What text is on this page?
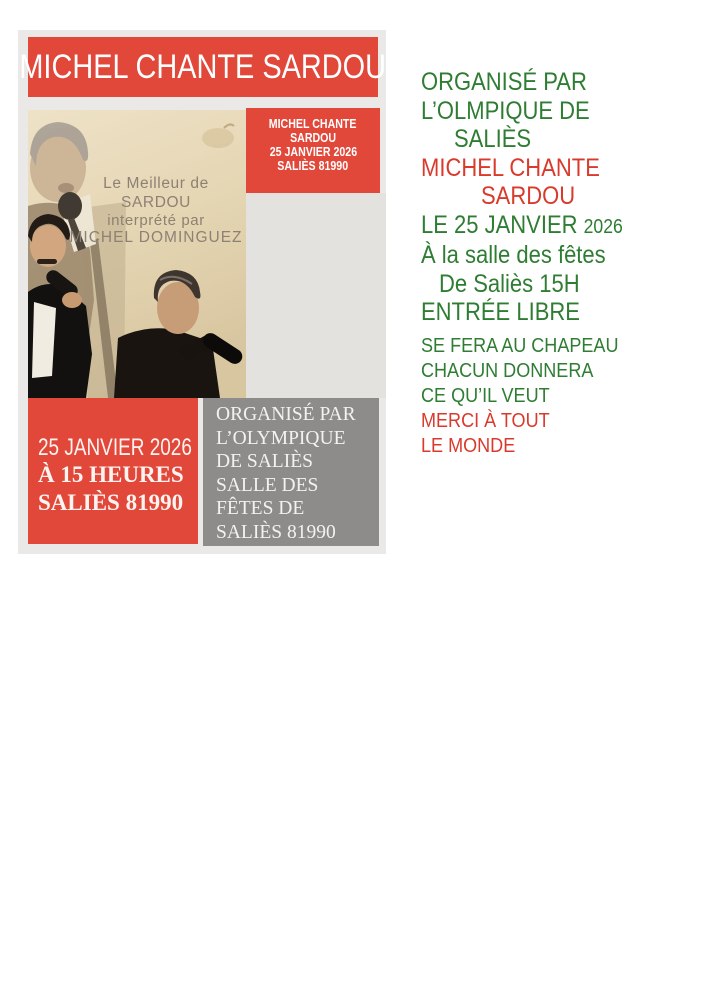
MICHEL CHANTE SARDOU
Le Meilleur de SARDOU
interprété par
MICHEL DOMINGUEZ
MICHEL CHANTE
SARDOU
25 JANVIER 2026
SALIÈS 81990
25 JANVIER 2026
À 15 HEURES
SALIÈS 81990
ORGANISÉ PAR
L’OLYMPIQUE
DE SALIÈS
SALLE DES
FÊTES DE
SALIÈS 81990
ORGANISÉ PAR
L’OLMPIQUE DE
SALIÈS
MICHEL CHANTE
SARDOU
LE 25 JANVIER 2026
À la salle des fêtes
De Saliès 15H
ENTRÉE LIBRE
SE FERA AU CHAPEAU
CHACUN DONNERA
CE QU’IL VEUT
MERCI À TOUT
LE MONDE
